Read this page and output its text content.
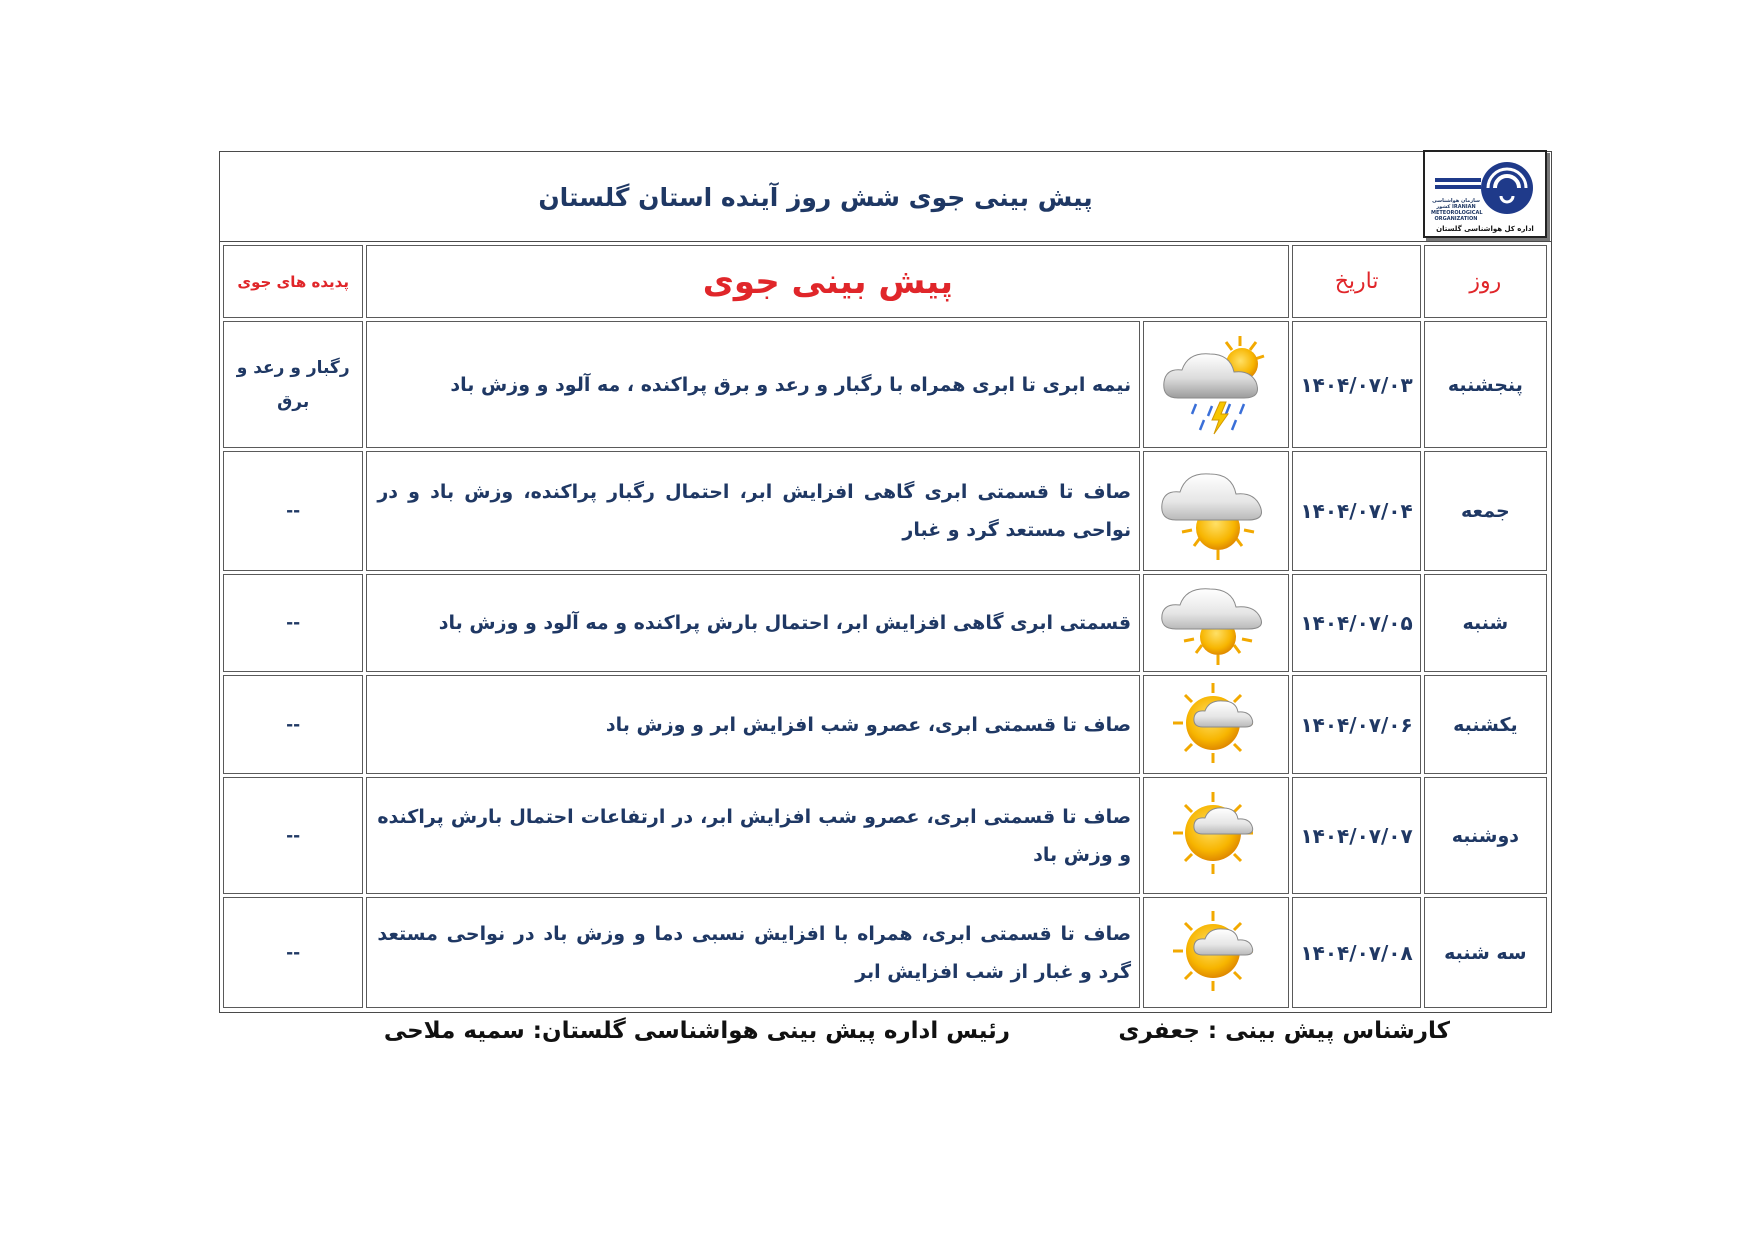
پیش بینی جوی شش روز آینده استان گلستان
اداره کل هواشناسی گلستان
سازمان هواشناسی کشور IRANIAN METEOROLOGICAL ORGANIZATION
روز	تاریخ	پیش بینی جوی		پدیده های جوی
پنجشنبه	۱۴۰۴/۰۷/۰۳		نیمه ابری تا ابری همراه با رگبار و رعد و برق پراکنده ، مه آلود و وزش باد	رگبار و رعد و برق
جمعه	۱۴۰۴/۰۷/۰۴		صاف تا قسمتی ابری گاهی افزایش ابر، احتمال رگبار پراکنده، وزش باد و در نواحی مستعد گرد و غبار	--
شنبه	۱۴۰۴/۰۷/۰۵		قسمتی ابری گاهی افزایش ابر، احتمال بارش پراکنده و مه آلود و وزش باد	--
یکشنبه	۱۴۰۴/۰۷/۰۶		صاف تا قسمتی ابری، عصرو شب افزایش ابر و وزش باد	--
دوشنبه	۱۴۰۴/۰۷/۰۷		صاف تا قسمتی ابری، عصرو شب افزایش ابر، در ارتفاعات احتمال بارش پراکنده و وزش باد	--
سه شنبه	۱۴۰۴/۰۷/۰۸		صاف تا قسمتی ابری، همراه با افزایش نسبی دما و وزش باد در نواحی مستعد گرد و غبار از شب افزایش ابر	--
کارشناس پیش بینی : جعفری
رئیس اداره پیش بینی هواشناسی گلستان: سمیه ملاحی
